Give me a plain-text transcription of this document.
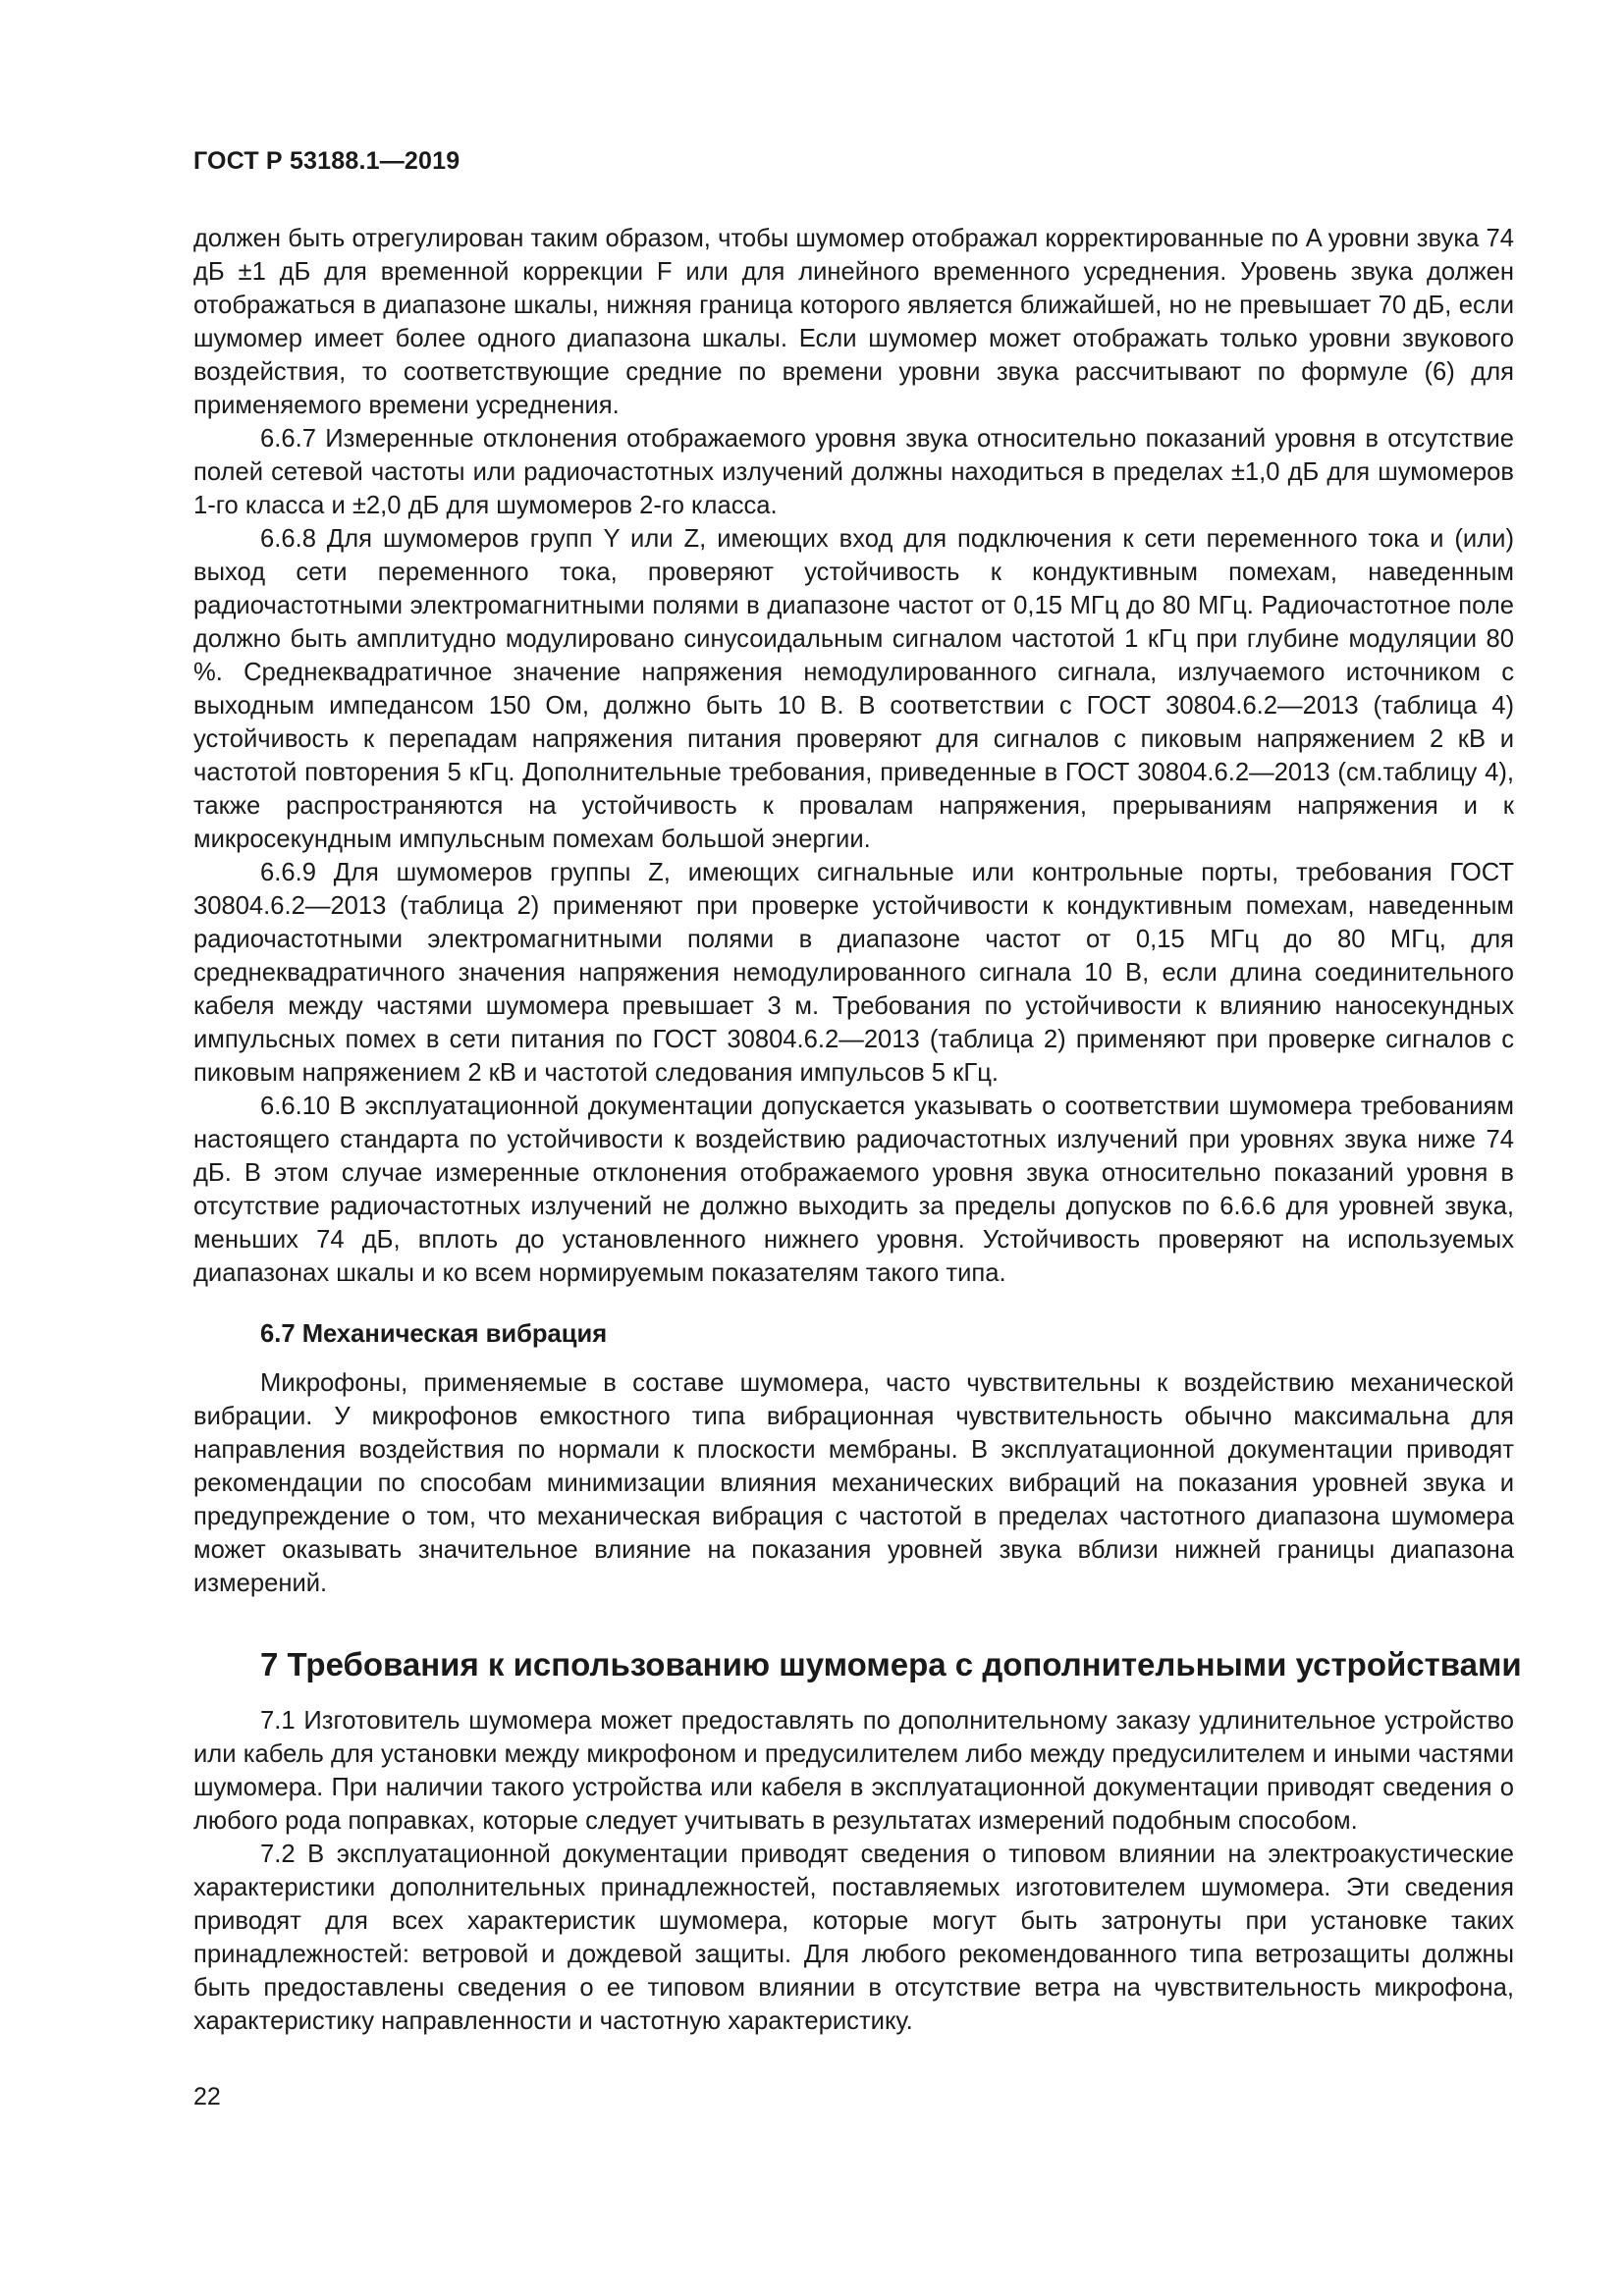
ГОСТ Р 53188.1—2019

должен быть отрегулирован таким образом, чтобы шумомер отображал корректированные по A уровни звука 74 дБ ±1 дБ для временной коррекции F или для линейного временного усреднения. Уровень звука должен отображаться в диапазоне шкалы, нижняя граница которого является ближайшей, но не превышает 70 дБ, если шумомер имеет более одного диапазона шкалы. Если шумомер может отображать только уровни звукового воздействия, то соответствующие средние по времени уровни звука рассчитывают по формуле (6) для применяемого времени усреднения.

6.6.7 Измеренные отклонения отображаемого уровня звука относительно показаний уровня в отсутствие полей сетевой частоты или радиочастотных излучений должны находиться в пределах ±1,0 дБ для шумомеров 1-го класса и ±2,0 дБ для шумомеров 2-го класса.

6.6.8 Для шумомеров групп Y или Z, имеющих вход для подключения к сети переменного тока и (или) выход сети переменного тока, проверяют устойчивость к кондуктивным помехам, наведенным радиочастотными электромагнитными полями в диапазоне частот от 0,15 МГц до 80 МГц. Радиочастотное поле должно быть амплитудно модулировано синусоидальным сигналом частотой 1 кГц при глубине модуляции 80 %. Среднеквадратичное значение напряжения немодулированного сигнала, излучаемого источником с выходным импедансом 150 Ом, должно быть 10 В. В соответствии с ГОСТ 30804.6.2—2013 (таблица 4) устойчивость к перепадам напряжения питания проверяют для сигналов с пиковым напряжением 2 кВ и частотой повторения 5 кГц. Дополнительные требования, приведенные в ГОСТ 30804.6.2—2013 (см.таблицу 4), также распространяются на устойчивость к провалам напряжения, прерываниям напряжения и к микросекундным импульсным помехам большой энергии.

6.6.9 Для шумомеров группы Z, имеющих сигнальные или контрольные порты, требования ГОСТ 30804.6.2—2013 (таблица 2) применяют при проверке устойчивости к кондуктивным помехам, наведенным радиочастотными электромагнитными полями в диапазоне частот от 0,15 МГц до 80 МГц, для среднеквадратичного значения напряжения немодулированного сигнала 10 В, если длина соединительного кабеля между частями шумомера превышает 3 м. Требования по устойчивости к влиянию наносекундных импульсных помех в сети питания по ГОСТ 30804.6.2—2013 (таблица 2) применяют при проверке сигналов с пиковым напряжением 2 кВ и частотой следования импульсов 5 кГц.

6.6.10 В эксплуатационной документации допускается указывать о соответствии шумомера требованиям настоящего стандарта по устойчивости к воздействию радиочастотных излучений при уровнях звука ниже 74 дБ. В этом случае измеренные отклонения отображаемого уровня звука относительно показаний уровня в отсутствие радиочастотных излучений не должно выходить за пределы допусков по 6.6.6 для уровней звука, меньших 74 дБ, вплоть до установленного нижнего уровня. Устойчивость проверяют на используемых диапазонах шкалы и ко всем нормируемым показателям такого типа.

6.7 Механическая вибрация

Микрофоны, применяемые в составе шумомера, часто чувствительны к воздействию механической вибрации. У микрофонов емкостного типа вибрационная чувствительность обычно максимальна для направления воздействия по нормали к плоскости мембраны. В эксплуатационной документации приводят рекомендации по способам минимизации влияния механических вибраций на показания уровней звука и предупреждение о том, что механическая вибрация с частотой в пределах частотного диапазона шумомера может оказывать значительное влияние на показания уровней звука вблизи нижней границы диапазона измерений.

7 Требования к использованию шумомера с дополнительными устройствами

7.1 Изготовитель шумомера может предоставлять по дополнительному заказу удлинительное устройство или кабель для установки между микрофоном и предусилителем либо между предусилителем и иными частями шумомера. При наличии такого устройства или кабеля в эксплуатационной документации приводят сведения о любого рода поправках, которые следует учитывать в результатах измерений подобным способом.

7.2 В эксплуатационной документации приводят сведения о типовом влиянии на электроакустические характеристики дополнительных принадлежностей, поставляемых изготовителем шумомера. Эти сведения приводят для всех характеристик шумомера, которые могут быть затронуты при установке таких принадлежностей: ветровой и дождевой защиты. Для любого рекомендованного типа ветрозащиты должны быть предоставлены сведения о ее типовом влиянии в отсутствие ветра на чувствительность микрофона, характеристику направленности и частотную характеристику.

22
